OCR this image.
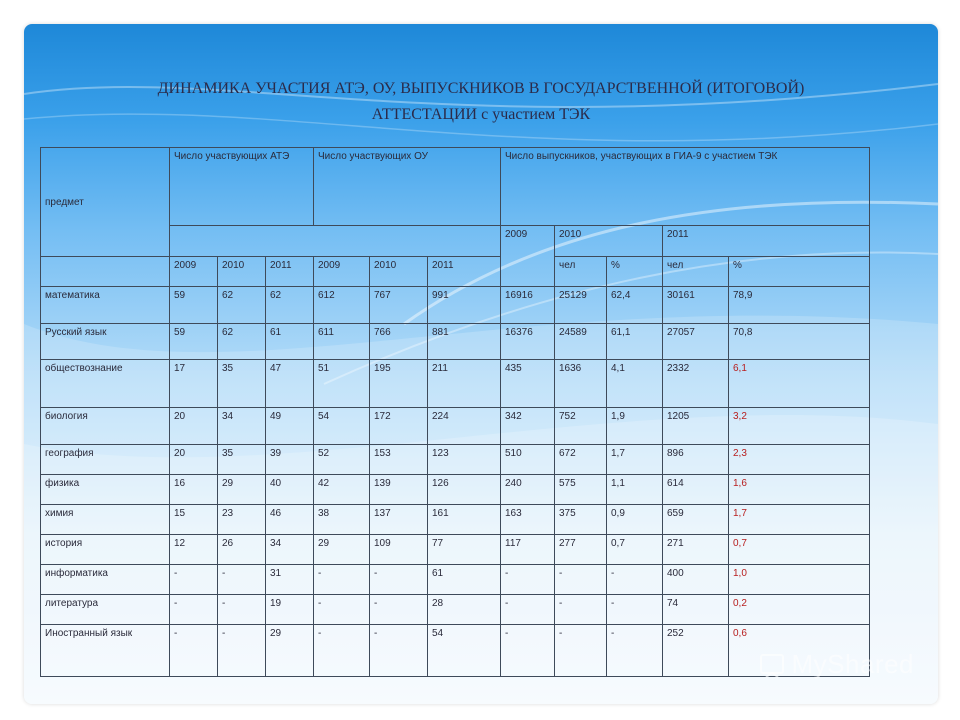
ДИНАМИКА УЧАСТИЯ АТЭ, ОУ, ВЫПУСКНИКОВ В ГОСУДАРСТВЕННОЙ (ИТОГОВОЙ)
АТТЕСТАЦИИ с участием ТЭК
предмет	Число участвующих АТЭ			Число участвующих ОУ			Число выпускников, участвующих в ГИА-9 с участием ТЭК				
							2009	2010		2011	
	2009	2010	2011	2009	2010	2011		чел	%	чел	%
математика	59	62	62	612	767	991	16916	25129	62,4	30161	78,9
Русский язык	59	62	61	611	766	881	16376	24589	61,1	27057	70,8
обществознание	17	35	47	51	195	211	435	1636	4,1	2332	6,1
биология	20	34	49	54	172	224	342	752	1,9	1205	3,2
география	20	35	39	52	153	123	510	672	1,7	896	2,3
физика	16	29	40	42	139	126	240	575	1,1	614	1,6
химия	15	23	46	38	137	161	163	375	0,9	659	1,7
история	12	26	34	29	109	77	117	277	0,7	271	0,7
информатика	-	-	31	-	-	61	-	-	-	400	1,0
литература	-	-	19	-	-	28	-	-	-	74	0,2
Иностранный язык	-	-	29	-	-	54	-	-	-	252	0,6
MyShared
